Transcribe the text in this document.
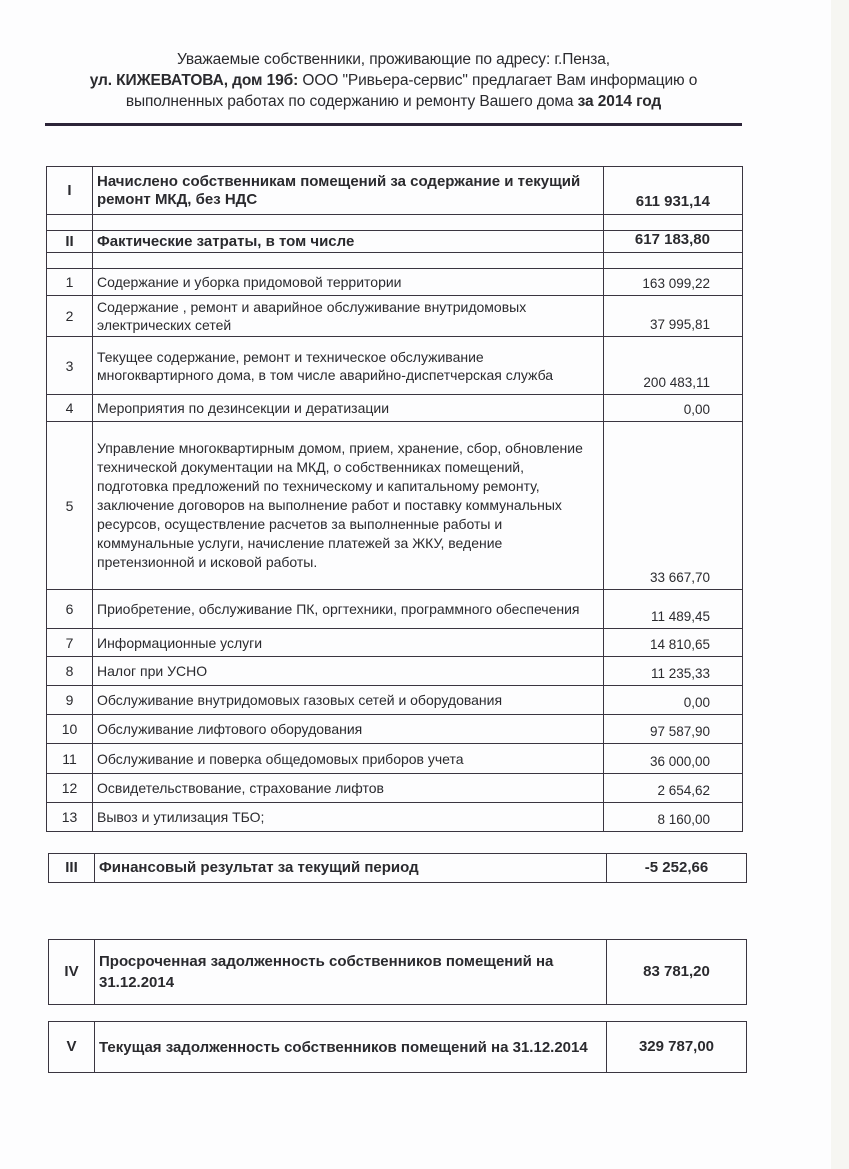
Уважаемые собственники, проживающие по адресу: г.Пенза,
ул. КИЖЕВАТОВА, дом 19б: ООО "Ривьера-сервис" предлагает Вам информацию о
выполненных работах по содержанию и ремонту Вашего дома за 2014 год
I	Начислено собственникам помещений за содержание и текущий ремонт МКД, без НДС	611 931,14

II	Фактические затраты, в том числе	617 183,80

1	Содержание и уборка придомовой территории	163 099,22
2	Содержание , ремонт и аварийное обслуживание внутридомовых электрических сетей	37 995,81
3	Текущее содержание, ремонт и техническое обслуживание многоквартирного дома, в том числе аварийно-диспетчерская служба	200 483,11
4	Мероприятия по дезинсекции и дератизации	0,00
5	Управление многоквартирным домом, прием, хранение, сбор, обновление технической документации на МКД, о собственниках помещений, подготовка предложений по техническому и капитальному ремонту, заключение договоров на выполнение работ и поставку коммунальных ресурсов, осуществление расчетов за выполненные работы и коммунальные услуги, начисление платежей за ЖКУ, ведение претензионной и исковой работы.	33 667,70
6	Приобретение, обслуживание ПК, оргтехники, программного обеспечения	11 489,45
7	Информационные услуги	14 810,65
8	Налог при УСНО	11 235,33
9	Обслуживание внутридомовых газовых сетей и оборудования	0,00
10	Обслуживание лифтового оборудования	97 587,90
11	Обслуживание и поверка общедомовых приборов учета	36 000,00
12	Освидетельствование, страхование лифтов	2 654,62
13	Вывоз и утилизация ТБО;	8 160,00
III	Финансовый результат за текущий период	-5 252,66
IV	Просроченная задолженность собственников помещений на 31.12.2014	83 781,20
V	Текущая задолженность собственников помещений на 31.12.2014	329 787,00
